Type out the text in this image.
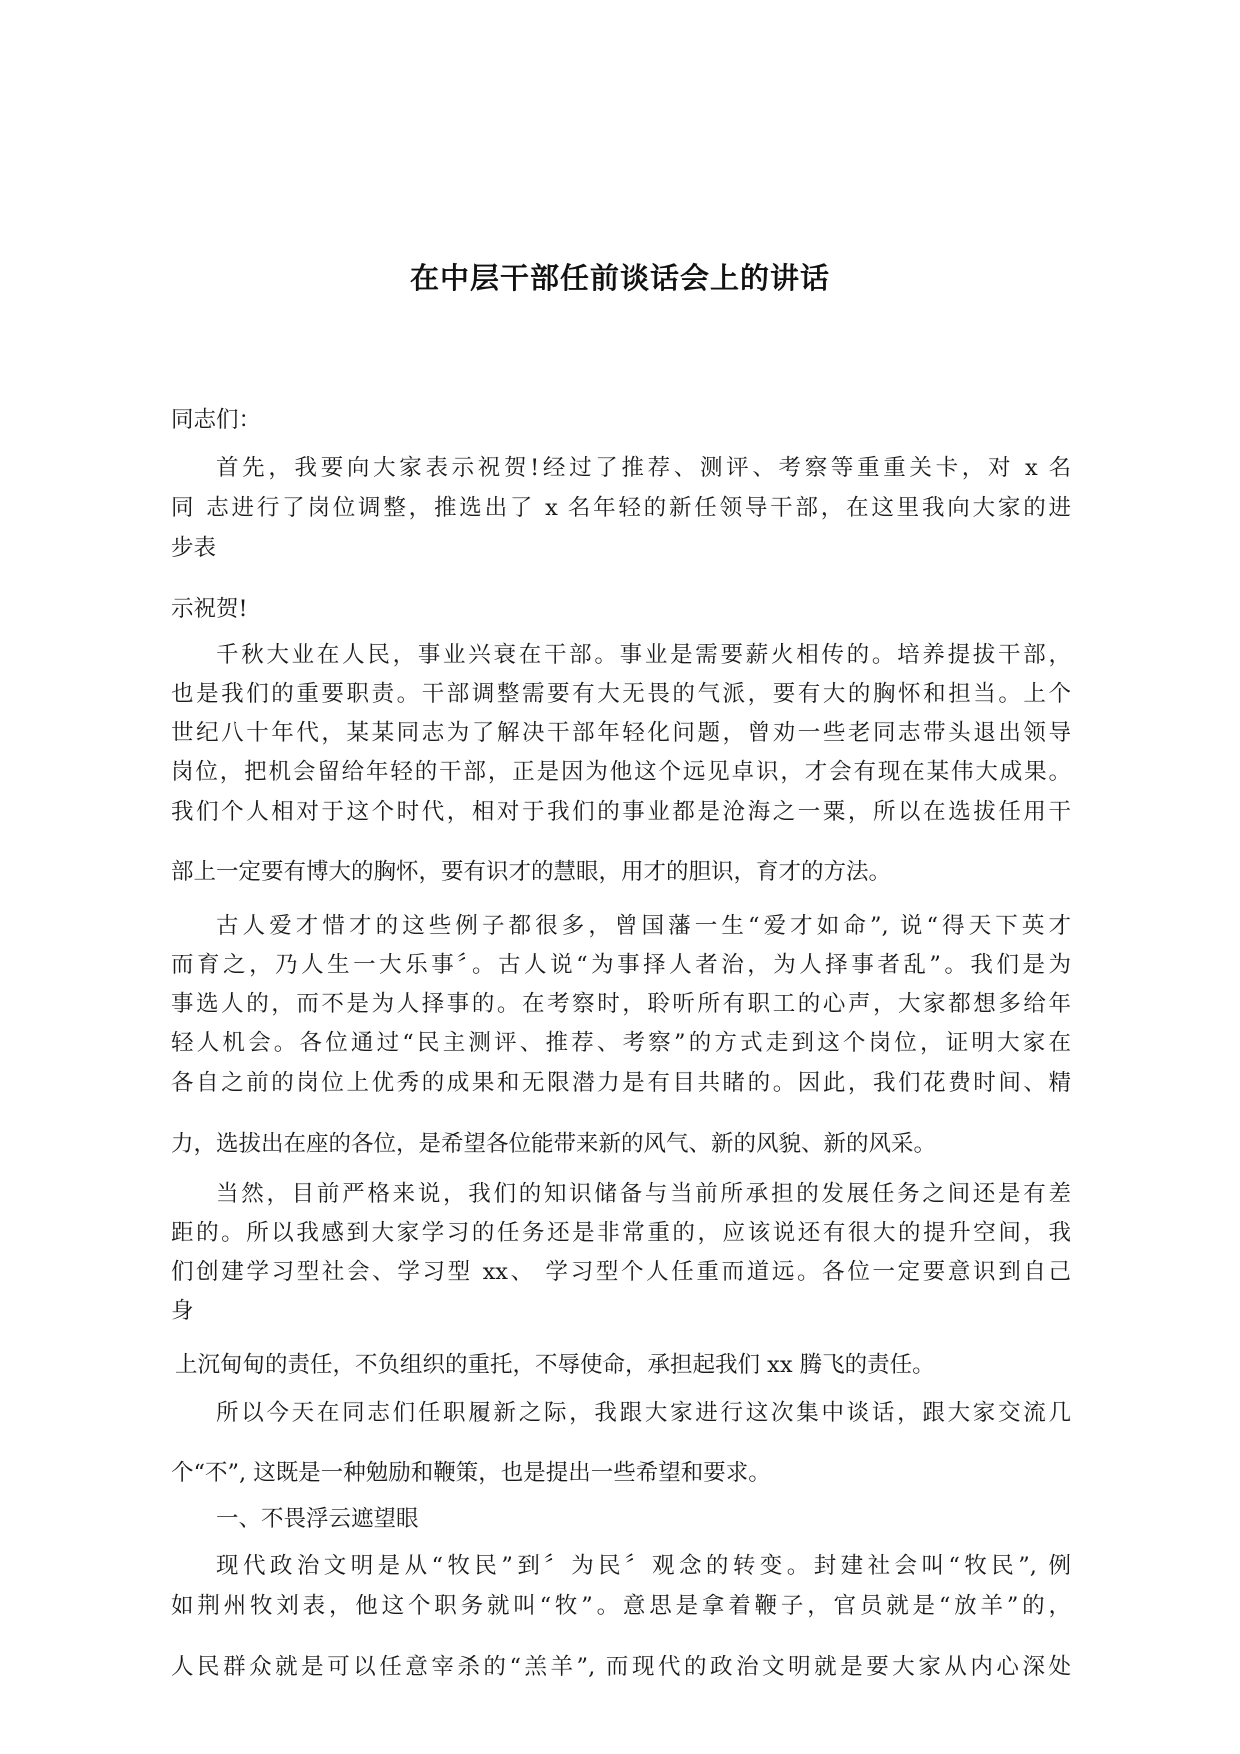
在中层干部任前谈话会上的讲话
同志们：
首先，我要向大家表示祝贺!经过了推荐、测评、考察等重重关卡，对 x 名
同 志进行了岗位调整，推选出了 x 名年轻的新任领导干部，在这里我向大家的进
步表
示祝贺!
千秋大业在人民，事业兴衰在干部。事业是需要薪火相传的。培养提拔干部，
也是我们的重要职责。干部调整需要有大无畏的气派，要有大的胸怀和担当。上个
世纪八十年代，某某同志为了解决干部年轻化问题，曾劝一些老同志带头退出领导
岗位，把机会留给年轻的干部，正是因为他这个远见卓识，才会有现在某伟大成果。
我们个人相对于这个时代，相对于我们的事业都是沧海之一粟，所以在选拔任用干
部上一定要有博大的胸怀，要有识才的慧眼，用才的胆识，育才的方法。
古人爱才惜才的这些例子都很多，曾国藩一生“爱才如命”, 说“得天下英才
而育之，乃人生一大乐事〞。古人说“为事择人者治，为人择事者乱”。我们是为
事选人的，而不是为人择事的。在考察时，聆听所有职工的心声，大家都想多给年
轻人机会。各位通过“民主测评、推荐、考察”的方式走到这个岗位，证明大家在
各自之前的岗位上优秀的成果和无限潜力是有目共睹的。因此，我们花费时间、精
力，选拔出在座的各位，是希望各位能带来新的风气、新的风貌、新的风采。
当然，目前严格来说，我们的知识储备与当前所承担的发展任务之间还是有差
距的。所以我感到大家学习的任务还是非常重的，应该说还有很大的提升空间，我
们创建学习型社会、学习型 xx、 学习型个人任重而道远。各位一定要意识到自己
身
上沉甸甸的责任，不负组织的重托，不辱使命，承担起我们 xx 腾飞的责任。
所以今天在同志们任职履新之际，我跟大家进行这次集中谈话，跟大家交流几
个“不”, 这既是一种勉励和鞭策，也是提出一些希望和要求。
一、不畏浮云遮望眼
现代政治文明是从“牧民”到〞为民〞观念的转变。封建社会叫“牧民”, 例
如荆州牧刘表，他这个职务就叫“牧”。意思是拿着鞭子，官员就是“放羊”的，
人民群众就是可以任意宰杀的“羔羊”, 而现代的政治文明就是要大家从内心深处
